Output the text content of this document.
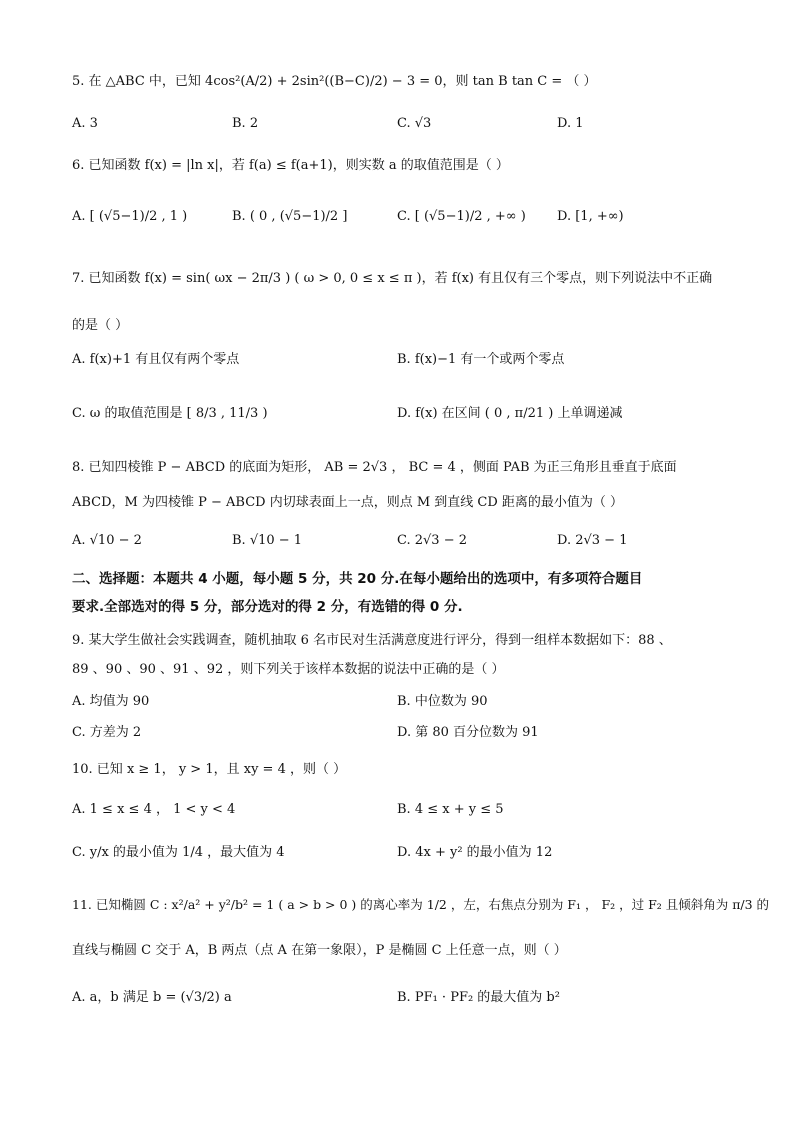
5. 在 △ABC 中，已知 4cos²(A/2) + 2sin²((B−C)/2) − 3 = 0，则 tan B tan C = （ ）
A. 3	B. 2	C. √3	D. 1
6. 已知函数 f(x) = |ln x|，若 f(a) ≤ f(a+1)，则实数 a 的取值范围是（ ）
A. [ (√5−1)/2 , 1 )	B. ( 0 , (√5−1)/2 ]	C. [ (√5−1)/2 , +∞ ) D. [1, +∞)
7. 已知函数 f(x) = sin( ωx − 2π/3 ) ( ω > 0, 0 ≤ x ≤ π )，若 f(x) 有且仅有三个零点，则下列说法中不正确
的是（ ）
A. f(x)+1 有且仅有两个零点	B. f(x)−1 有一个或两个零点
C. ω 的取值范围是 [ 8/3 , 11/3 )	D. f(x) 在区间 ( 0 , π/21 ) 上单调递减
8. 已知四棱锥 P − ABCD 的底面为矩形， AB = 2√3 ， BC = 4 ，侧面 PAB 为正三角形且垂直于底面
ABCD，M 为四棱锥 P − ABCD 内切球表面上一点，则点 M 到直线 CD 距离的最小值为（ ）
A. √10 − 2	B. √10 − 1	C. 2√3 − 2	D. 2√3 − 1
二、选择题：本题共 4 小题，每小题 5 分，共 20 分.在每小题给出的选项中，有多项符合题目
要求.全部选对的得 5 分，部分选对的得 2 分，有选错的得 0 分.
9. 某大学生做社会实践调查，随机抽取 6 名市民对生活满意度进行评分，得到一组样本数据如下：88 、
89 、90 、90 、91 、92 ，则下列关于该样本数据的说法中正确的是（ ）
A. 均值为 90	B. 中位数为 90
C. 方差为 2	D. 第 80 百分位数为 91
10. 已知 x ≥ 1， y > 1，且 xy = 4 ，则（ ）
A. 1 ≤ x ≤ 4 ， 1 < y < 4	B. 4 ≤ x + y ≤ 5
C. y/x 的最小值为 1/4 ，最大值为 4	D. 4x + y² 的最小值为 12
11. 已知椭圆 C : x²/a² + y²/b² = 1 ( a > b > 0 ) 的离心率为 1/2 ，左，右焦点分别为 F₁ ， F₂ ，过 F₂ 且倾斜角为 π/3 的
直线与椭圆 C 交于 A，B 两点（点 A 在第一象限），P 是椭圆 C 上任意一点，则（ ）
A. a，b 满足 b = (√3/2) a	B. PF₁ · PF₂ 的最大值为 b²
